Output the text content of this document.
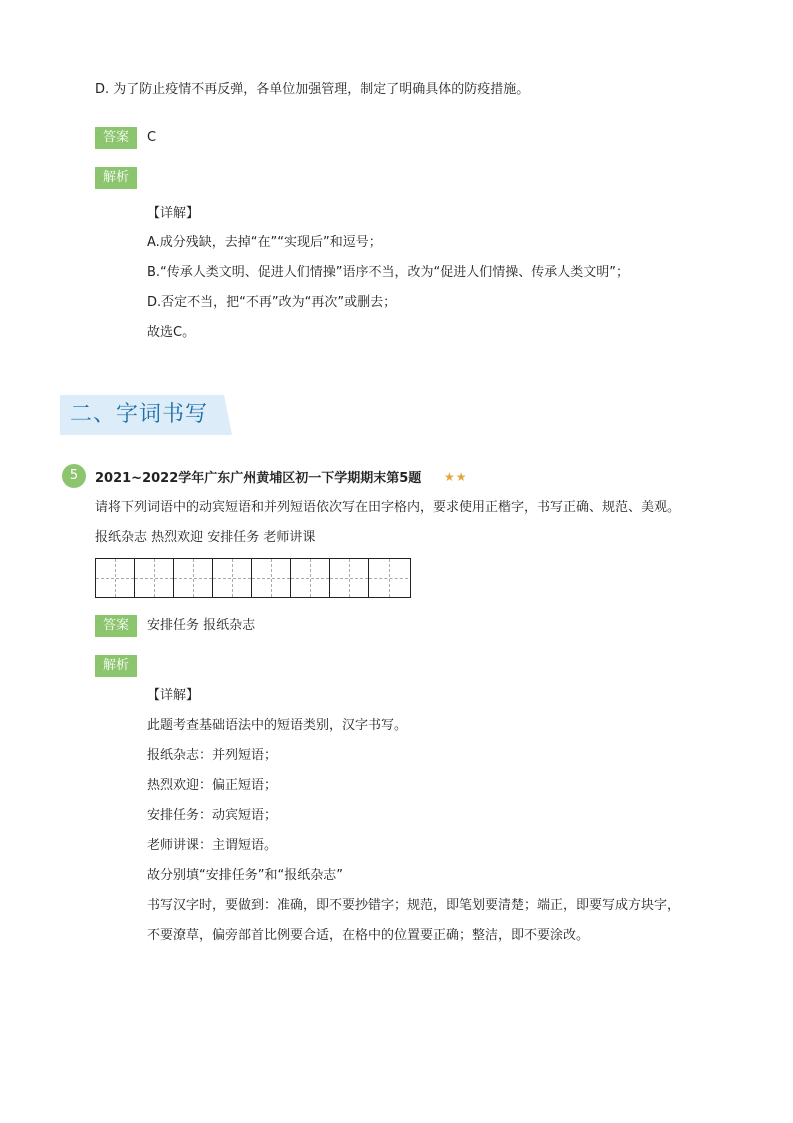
D. 为了防止疫情不再反弹，各单位加强管理，制定了明确具体的防疫措施。
答案	C
解析
【详解】
A.成分残缺，去掉“在”“实现后”和逗号；
B.“传承人类文明、促进人们情操”语序不当，改为“促进人们情操、传承人类文明”；
D.否定不当，把“不再”改为“再次”或删去；
故选C。
二、字词书写
5	2021~2022学年广东广州黄埔区初一下学期期末第5题 ★★
请将下列词语中的动宾短语和并列短语依次写在田字格内，要求使用正楷字，书写正确、规范、美观。
报纸杂志 热烈欢迎 安排任务 老师讲课
答案	安排任务 报纸杂志
解析
【详解】
此题考查基础语法中的短语类别，汉字书写。
报纸杂志：并列短语；
热烈欢迎：偏正短语；
安排任务：动宾短语；
老师讲课：主谓短语。
故分别填“安排任务”和“报纸杂志”
书写汉字时，要做到：准确，即不要抄错字；规范，即笔划要清楚；端正，即要写成方块字，
不要潦草，偏旁部首比例要合适，在格中的位置要正确；整洁，即不要涂改。
